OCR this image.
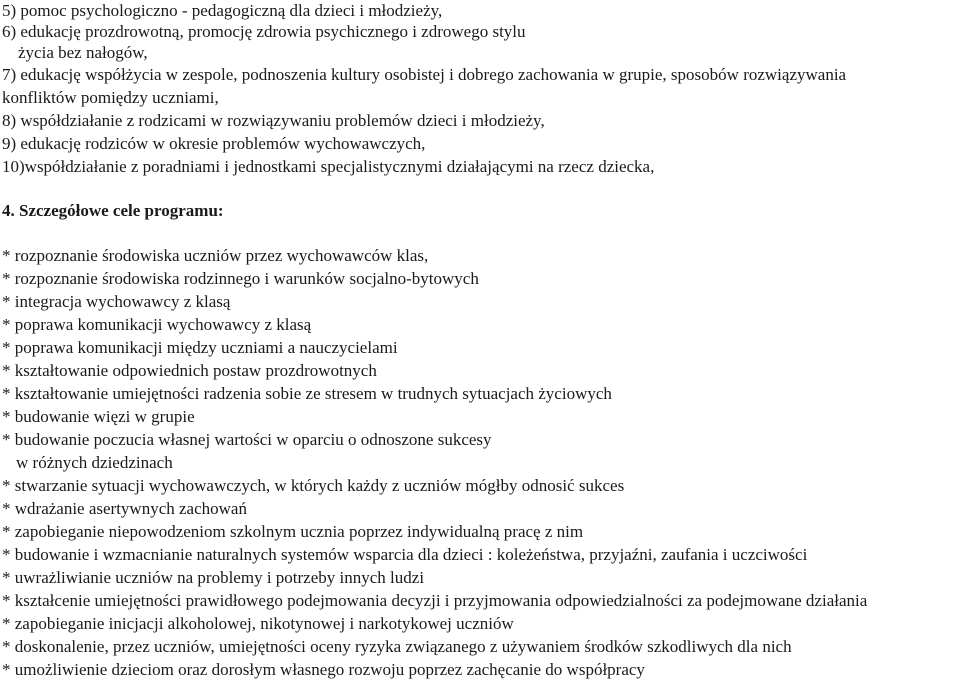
5) pomoc psychologiczno - pedagogiczną dla dzieci i młodzieży,
6) edukację prozdrowotną, promocję zdrowia psychicznego i zdrowego stylu
życia bez nałogów,
7) edukację współżycia w zespole, podnoszenia kultury osobistej i dobrego zachowania w grupie, sposobów rozwiązywania
konfliktów pomiędzy uczniami,
8) współdziałanie z rodzicami w rozwiązywaniu problemów dzieci i młodzieży,
9) edukację rodziców w okresie problemów wychowawczych,
10)współdziałanie z poradniami i jednostkami specjalistycznymi działającymi na rzecz dziecka,
4. Szczegółowe cele programu:
* rozpoznanie środowiska uczniów przez wychowawców klas,
* rozpoznanie środowiska rodzinnego i warunków socjalno-bytowych
* integracja wychowawcy z klasą
* poprawa komunikacji wychowawcy z klasą
* poprawa komunikacji między uczniami a nauczycielami
* kształtowanie odpowiednich postaw prozdrowotnych
* kształtowanie umiejętności radzenia sobie ze stresem w trudnych sytuacjach życiowych
* budowanie więzi w grupie
* budowanie poczucia własnej wartości w oparciu o odnoszone sukcesy
w różnych dziedzinach
* stwarzanie sytuacji wychowawczych, w których każdy z uczniów mógłby odnosić sukces
* wdrażanie asertywnych zachowań
* zapobieganie niepowodzeniom szkolnym ucznia poprzez indywidualną pracę z nim
* budowanie i wzmacnianie naturalnych systemów wsparcia dla dzieci : koleżeństwa, przyjaźni, zaufania i uczciwości
* uwrażliwianie uczniów na problemy i potrzeby innych ludzi
* kształcenie umiejętności prawidłowego podejmowania decyzji i przyjmowania odpowiedzialności za podejmowane działania
* zapobieganie inicjacji alkoholowej, nikotynowej i narkotykowej uczniów
* doskonalenie, przez uczniów, umiejętności oceny ryzyka związanego z używaniem środków szkodliwych dla nich
* umożliwienie dzieciom oraz dorosłym własnego rozwoju poprzez zachęcanie do współpracy
